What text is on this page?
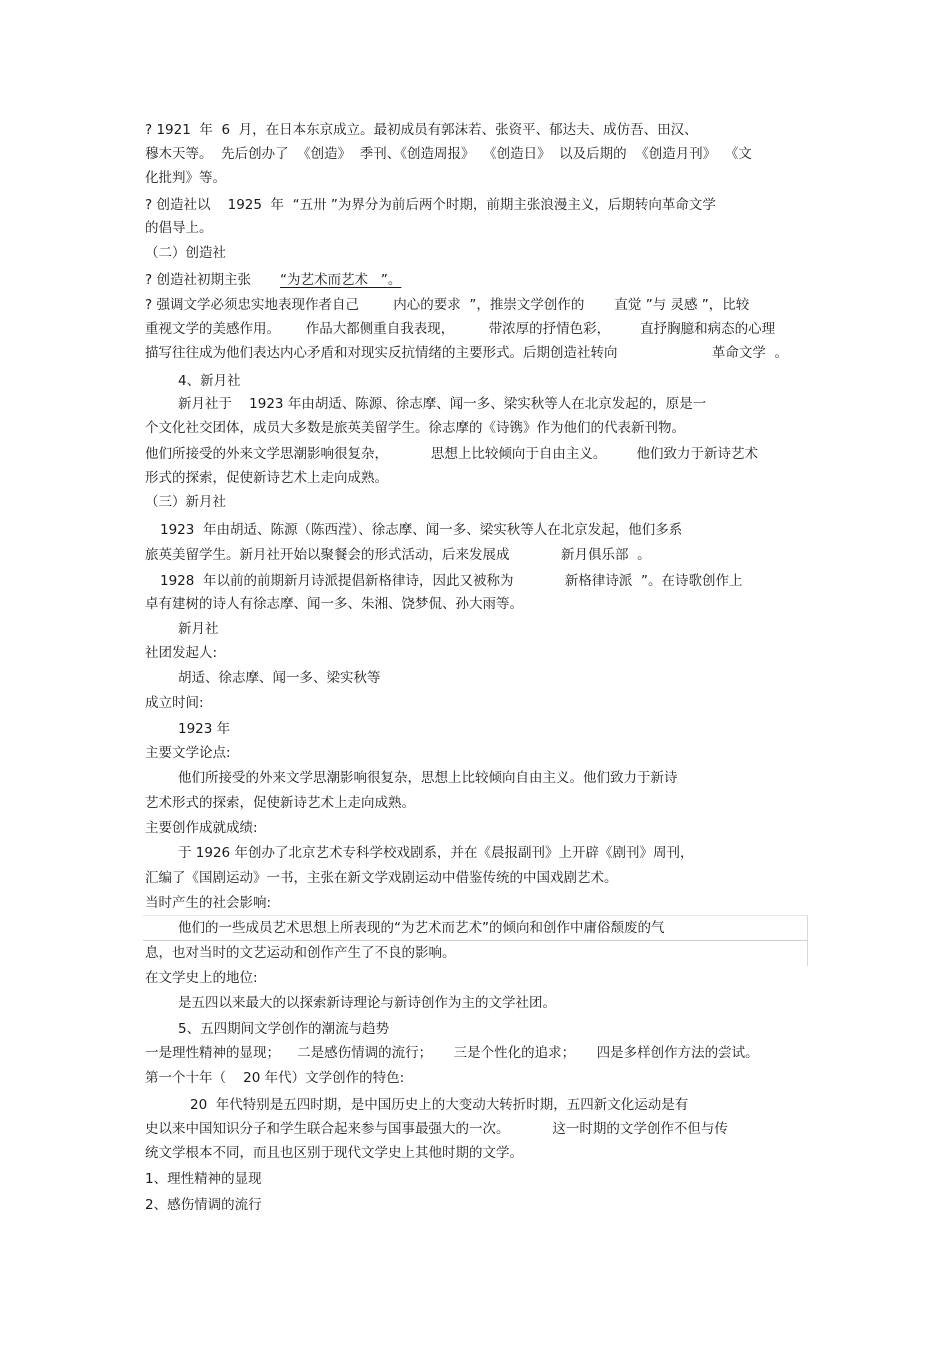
? 1921  年  6  月，在日本东京成立。最初成员有郭沫若、张资平、郁达夫、成仿吾、田汉、
穆木天等。  先后创办了  《创造》  季刊、《创造周报》  《创造日》  以及后期的  《创造月刊》  《文
化批判》等。
? 创造社以    1925  年  “五卅 ”为界分为前后两个时期，前期主张浪漫主义，后期转向革命文学
的倡导上。
（二）创造社
? 创造社初期主张 “为艺术而艺术   ”。
? 强调文学必须忠实地表现作者自己        内心的要求  ”，推崇文学创作的       直觉 ”与 灵感 ”，比较
重视文学的美感作用。      作品大都侧重自我表现，        带浓厚的抒情色彩，       直抒胸臆和病态的心理
描写往往成为他们表达内心矛盾和对现实反抗情绪的主要形式。后期创造社转向                      革命文学  。
4、新月社
新月社于    1923 年由胡适、陈源、徐志摩、闻一多、梁实秋等人在北京发起的，原是一
个文化社交团体，成员大多数是旅英美留学生。徐志摩的《诗镌》作为他们的代表新刊物。
他们所接受的外来文学思潮影响很复杂，          思想上比较倾向于自由主义。       他们致力于新诗艺术
形式的探索，促使新诗艺术上走向成熟。
（三）新月社
1923  年由胡适、陈源（陈西滢）、徐志摩、闻一多、梁实秋等人在北京发起，他们多系
旅英美留学生。新月社开始以聚餐会的形式活动，后来发展成            新月俱乐部  。
1928  年以前的前期新月诗派提倡新格律诗，因此又被称为            新格律诗派  ”。在诗歌创作上
卓有建树的诗人有徐志摩、闻一多、朱湘、饶梦侃、孙大雨等。
新月社
社团发起人:
胡适、徐志摩、闻一多、梁实秋等
成立时间:
1923 年
主要文学论点:
他们所接受的外来文学思潮影响很复杂，思想上比较倾向自由主义。他们致力于新诗
艺术形式的探索，促使新诗艺术上走向成熟。
主要创作成就成绩:
于 1926 年创办了北京艺术专科学校戏剧系，并在《晨报副刊》上开辟《剧刊》周刊，
汇编了《国剧运动》一书，主张在新文学戏剧运动中借鉴传统的中国戏剧艺术。
当时产生的社会影响:
他们的一些成员艺术思想上所表现的“为艺术而艺术”的倾向和创作中庸俗颓废的气
息，也对当时的文艺运动和创作产生了不良的影响。
在文学史上的地位:
是五四以来最大的以探索新诗理论与新诗创作为主的文学社团。
5、五四期间文学创作的潮流与趋势
一是理性精神的显现；    二是感伤情调的流行；     三是个性化的追求；     四是多样创作方法的尝试。
第一个十年（    20 年代）文学创作的特色:
20  年代特别是五四时期，是中国历史上的大变动大转折时期，五四新文化运动是有
史以来中国知识分子和学生联合起来参与国事最强大的一次。          这一时期的文学创作不但与传
统文学根本不同，而且也区别于现代文学史上其他时期的文学。
1、理性精神的显现
2、感伤情调的流行
